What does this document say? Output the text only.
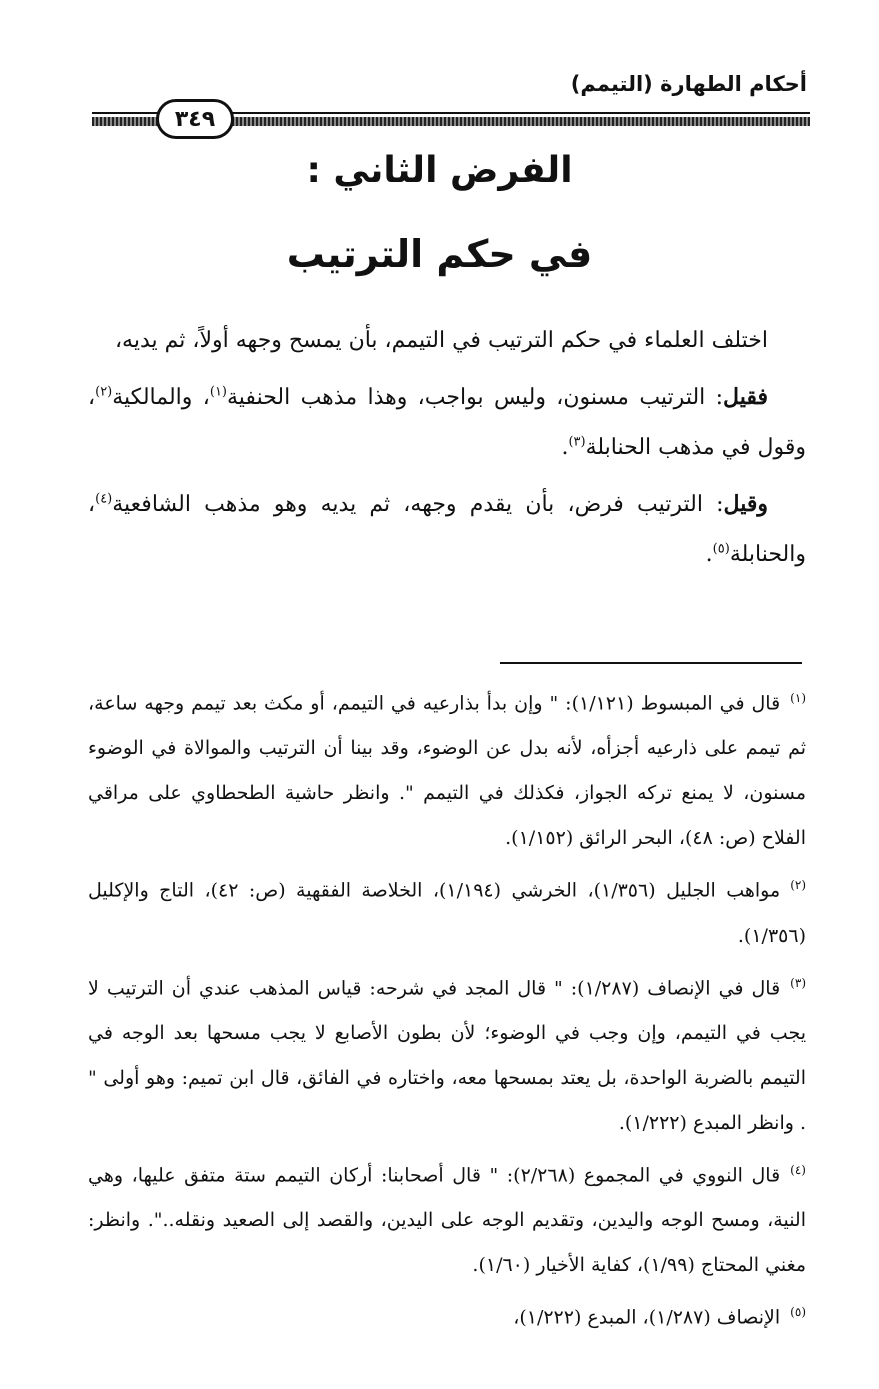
أحكام الطهارة (التيمم)
٣٤٩
الفرض الثاني :
في حكم الترتيب

اختلف العلماء في حكم الترتيب في التيمم، بأن يمسح وجهه أولاً، ثم يديه،

فقيل: الترتيب مسنون، وليس بواجب، وهذا مذهب الحنفية$^{(١)}$، والمالكية$^{(٢)}$، وقول في مذهب الحنابلة$^{(٣)}$.

وقيل: الترتيب فرض، بأن يقدم وجهه، ثم يديه وهو مذهب الشافعية$^{(٤)}$، والحنابلة$^{(٥)}$.

$^{(١)}$قال في المبسوط (١/١٢١): " وإن بدأ بذارعيه في التيمم، أو مكث بعد تيمم وجهه ساعة، ثم تيمم على ذارعيه أجزأه، لأنه بدل عن الوضوء، وقد بينا أن الترتيب والموالاة في الوضوء مسنون، لا يمنع تركه الجواز، فكذلك في التيمم ". وانظر حاشية الطحطاوي على مراقي الفلاح (ص: ٤٨)، البحر الرائق (١/١٥٢).

$^{(٢)}$مواهب الجليل (١/٣٥٦)، الخرشي (١/١٩٤)، الخلاصة الفقهية (ص: ٤٢)، التاج والإكليل (١/٣٥٦).

$^{(٣)}$قال في الإنصاف (١/٢٨٧): " قال المجد في شرحه: قياس المذهب عندي أن الترتيب لا يجب في التيمم، وإن وجب في الوضوء؛ لأن بطون الأصابع لا يجب مسحها بعد الوجه في التيمم بالضربة الواحدة، بل يعتد بمسحها معه، واختاره في الفائق، قال ابن تميم: وهو أولى " . وانظر المبدع (١/٢٢٢).

$^{(٤)}$قال النووي في المجموع (٢/٢٦٨): " قال أصحابنا: أركان التيمم ستة متفق عليها، وهي النية، ومسح الوجه واليدين، وتقديم الوجه على اليدين، والقصد إلى الصعيد ونقله..". وانظر: مغني المحتاج (١/٩٩)، كفاية الأخيار (١/٦٠).

$^{(٥)}$الإنصاف (١/٢٨٧)، المبدع (١/٢٢٢)،
